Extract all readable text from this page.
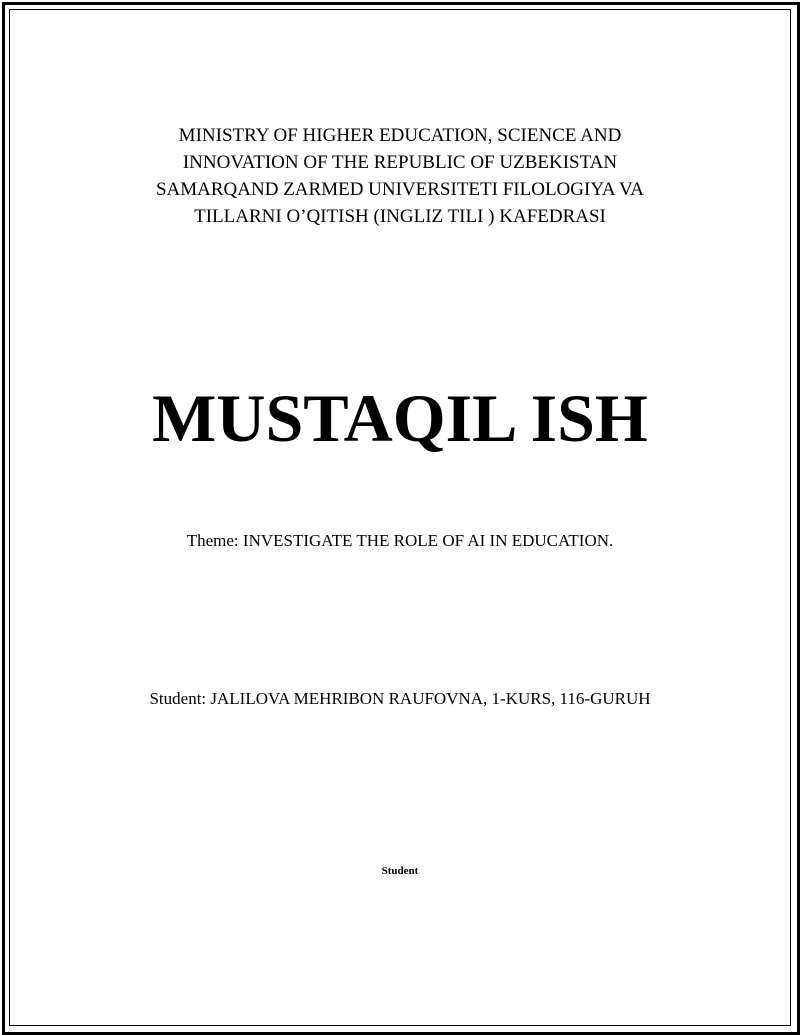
MINISTRY OF HIGHER EDUCATION, SCIENCE AND
INNOVATION OF THE REPUBLIC OF UZBEKISTAN
SAMARQAND ZARMED UNIVERSITETI FILOLOGIYA VA
TILLARNI O’QITISH (INGLIZ TILI ) KAFEDRASI
MUSTAQIL ISH
Theme: INVESTIGATE THE ROLE OF AI IN EDUCATION.
Student: JALILOVA MEHRIBON RAUFOVNA, 1-KURS, 116-GURUH
Student
